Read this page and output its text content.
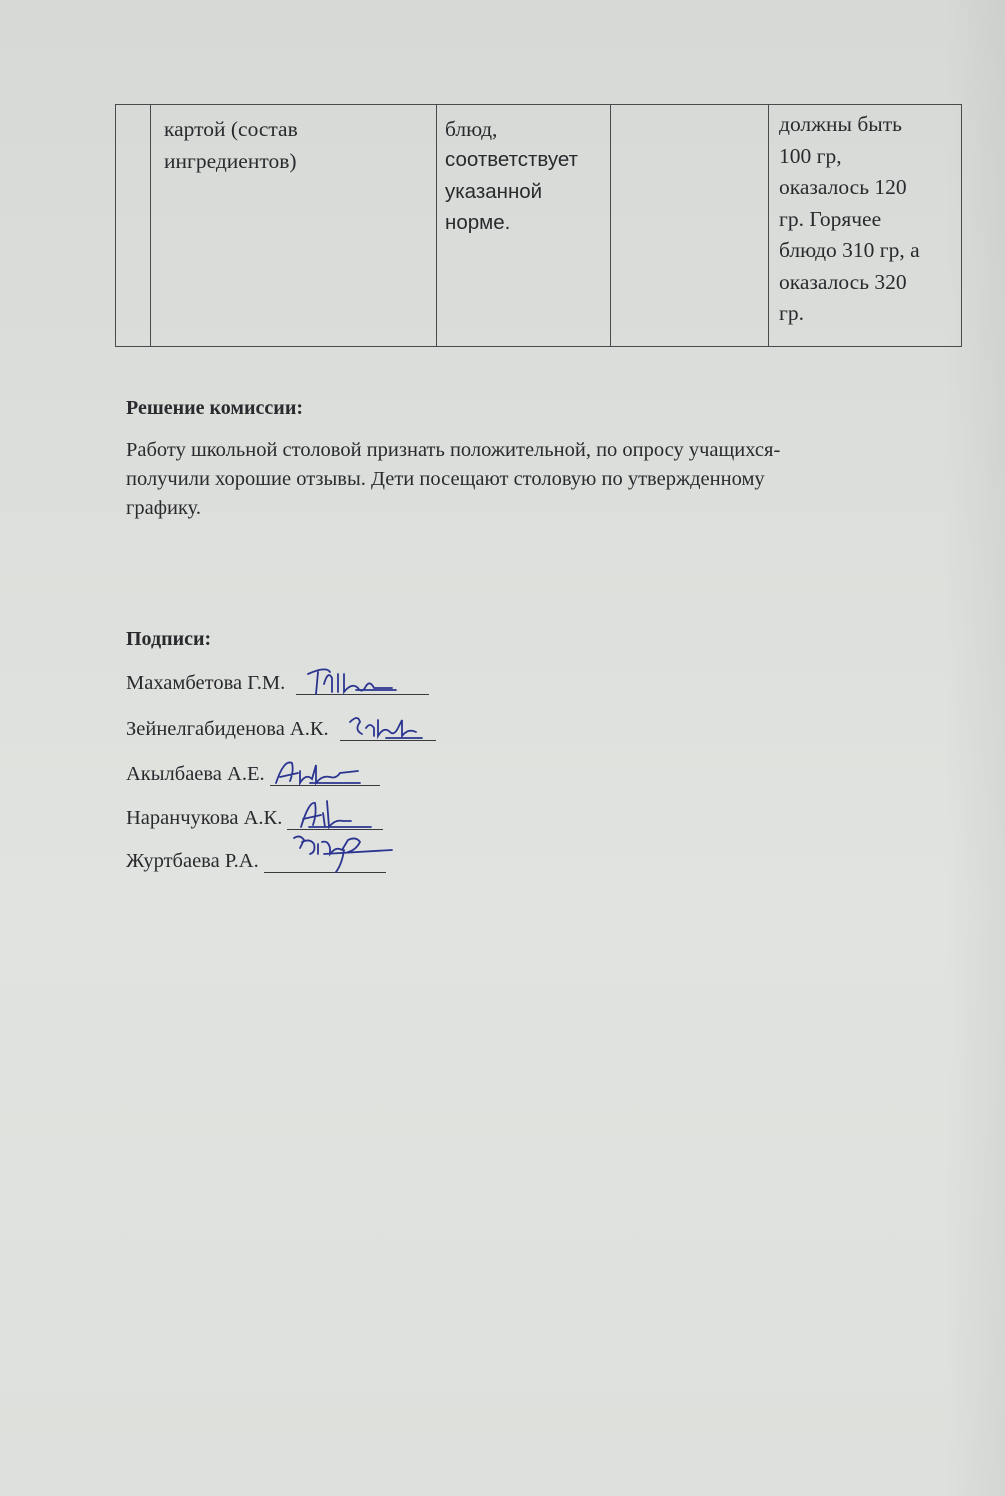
картой (состав
ингредиентов)
блюд,
соответствует
указанной
норме.
должны быть
100 гр,
оказалось 120
гр. Горячее
блюдо 310 гр, а
оказалось 320
гр.
Решение комиссии:
Работу школьной столовой признать положительной, по опросу учащихся-
получили хорошие отзывы. Дети посещают столовую по утвержденному
графику.
Подписи:
Махамбетова Г.М.
Зейнелгабиденова А.К.
Акылбаева А.Е.
Наранчукова А.К.
Журтбаева Р.А.
